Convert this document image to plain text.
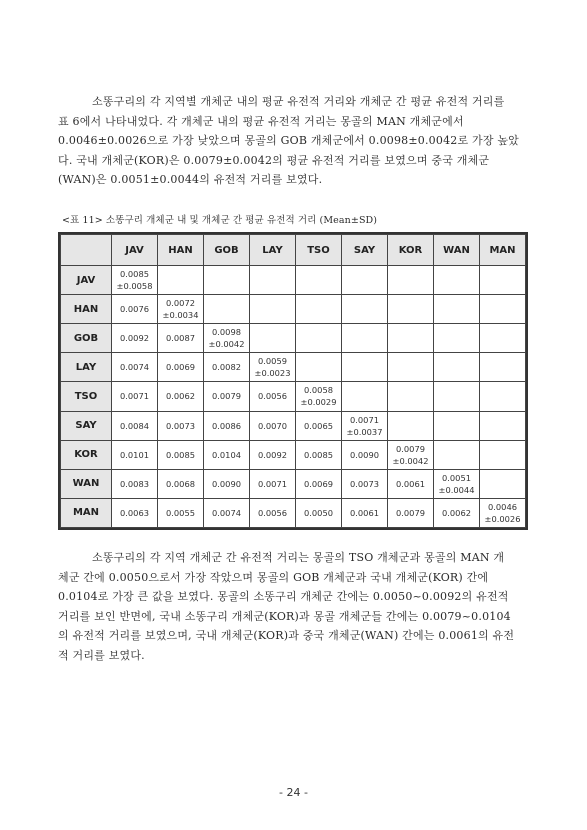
소똥구리의 각 지역별 개체군 내의 평균 유전적 거리와 개체군 간 평균 유전적 거리를
표 6에서 나타내었다. 각 개체군 내의 평균 유전적 거리는 몽골의 MAN 개체군에서
0.0046±0.0026으로 가장 낮았으며 몽골의 GOB 개체군에서 0.0098±0.0042로 가장 높았
다. 국내 개체군(KOR)은 0.0079±0.0042의 평균 유전적 거리를 보였으며 중국 개체군
(WAN)은 0.0051±0.0044의 유전적 거리를 보였다.
<표 11> 소똥구리 개체군 내 및 개체군 간 평균 유전적 거리 (Mean±SD)
	JAV	HAN	GOB	LAY	TSO	SAY	KOR	WAN	MAN
JAV	0.0085
±0.0058								
HAN	0.0076	0.0072
±0.0034							
GOB	0.0092	0.0087	0.0098
±0.0042						
LAY	0.0074	0.0069	0.0082	0.0059
±0.0023					
TSO	0.0071	0.0062	0.0079	0.0056	0.0058
±0.0029				
SAY	0.0084	0.0073	0.0086	0.0070	0.0065	0.0071
±0.0037			
KOR	0.0101	0.0085	0.0104	0.0092	0.0085	0.0090	0.0079
±0.0042		
WAN	0.0083	0.0068	0.0090	0.0071	0.0069	0.0073	0.0061	0.0051
±0.0044	
MAN	0.0063	0.0055	0.0074	0.0056	0.0050	0.0061	0.0079	0.0062	0.0046
±0.0026
소똥구리의 각 지역 개체군 간 유전적 거리는 몽골의 TSO 개체군과 몽골의 MAN 개
체군 간에 0.0050으로서 가장 작았으며 몽골의 GOB 개체군과 국내 개체군(KOR) 간에
0.0104로 가장 큰 값을 보였다. 몽골의 소똥구리 개체군 간에는 0.0050~0.0092의 유전적
거리를 보인 반면에, 국내 소똥구리 개체군(KOR)과 몽골 개체군들 간에는 0.0079~0.0104
의 유전적 거리를 보였으며, 국내 개체군(KOR)과 중국 개체군(WAN) 간에는 0.0061의 유전
적 거리를 보였다.
- 24 -
